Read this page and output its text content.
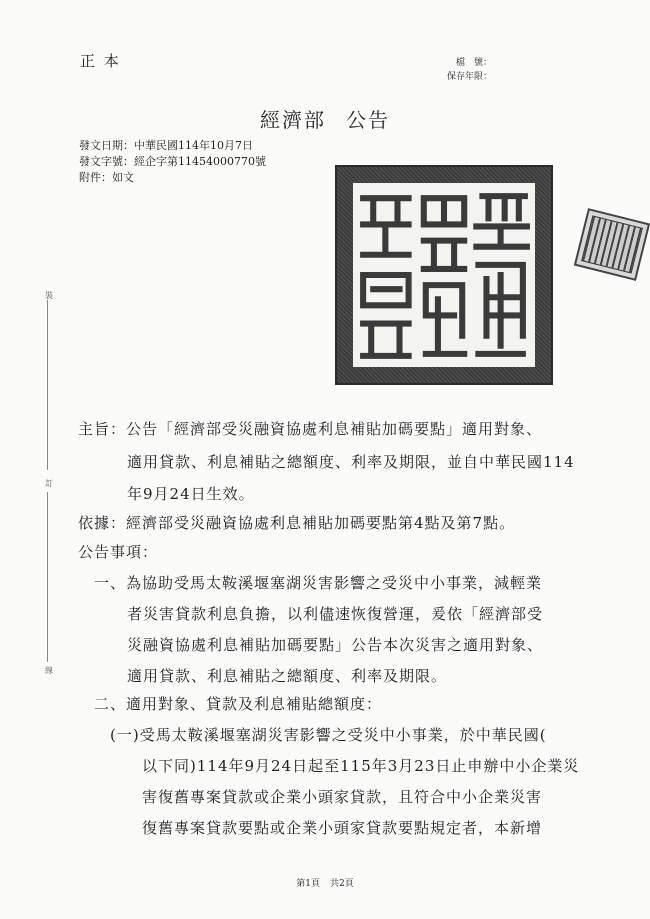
正 本	檔　號：
保存年限：
經濟部 公告
發文日期：中華民國114年10月7日
發文字號：經企字第11454000770號
附件：如文
裝
訂
線
主旨：公告「經濟部受災融資協處利息補貼加碼要點」適用對象、
適用貸款、利息補貼之總額度、利率及期限，並自中華民國114
年9月24日生效。
依據：經濟部受災融資協處利息補貼加碼要點第4點及第7點。
公告事項：
一、為協助受馬太鞍溪堰塞湖災害影響之受災中小事業，減輕業
者災害貸款利息負擔，以利儘速恢復營運，爰依「經濟部受
災融資協處利息補貼加碼要點」公告本次災害之適用對象、
適用貸款、利息補貼之總額度、利率及期限。
二、適用對象、貸款及利息補貼總額度：
(一)受馬太鞍溪堰塞湖災害影響之受災中小事業，於中華民國(
以下同)114年9月24日起至115年3月23日止申辦中小企業災
害復舊專案貸款或企業小頭家貸款，且符合中小企業災害
復舊專案貸款要點或企業小頭家貸款要點規定者，本新增
第1頁 共2頁
